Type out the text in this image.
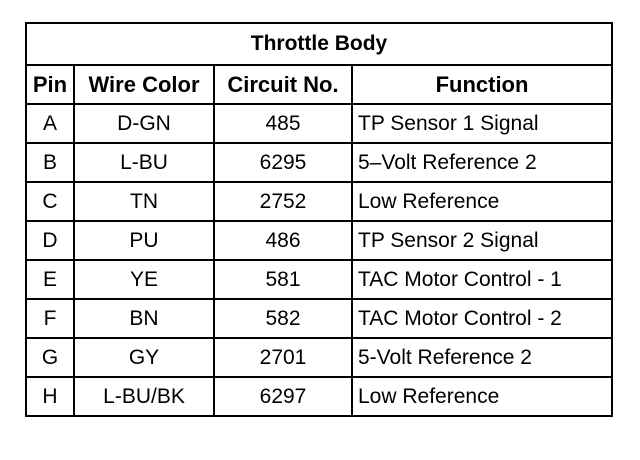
Throttle Body			
Pin	Wire Color	Circuit No.	Function
A	D-GN	485	TP Sensor 1 Signal
B	L-BU	6295	5–Volt Reference 2
C	TN	2752	Low Reference
D	PU	486	TP Sensor 2 Signal
E	YE	581	TAC Motor Control - 1
F	BN	582	TAC Motor Control - 2
G	GY	2701	5-Volt Reference 2
H	L-BU/BK	6297	Low Reference
